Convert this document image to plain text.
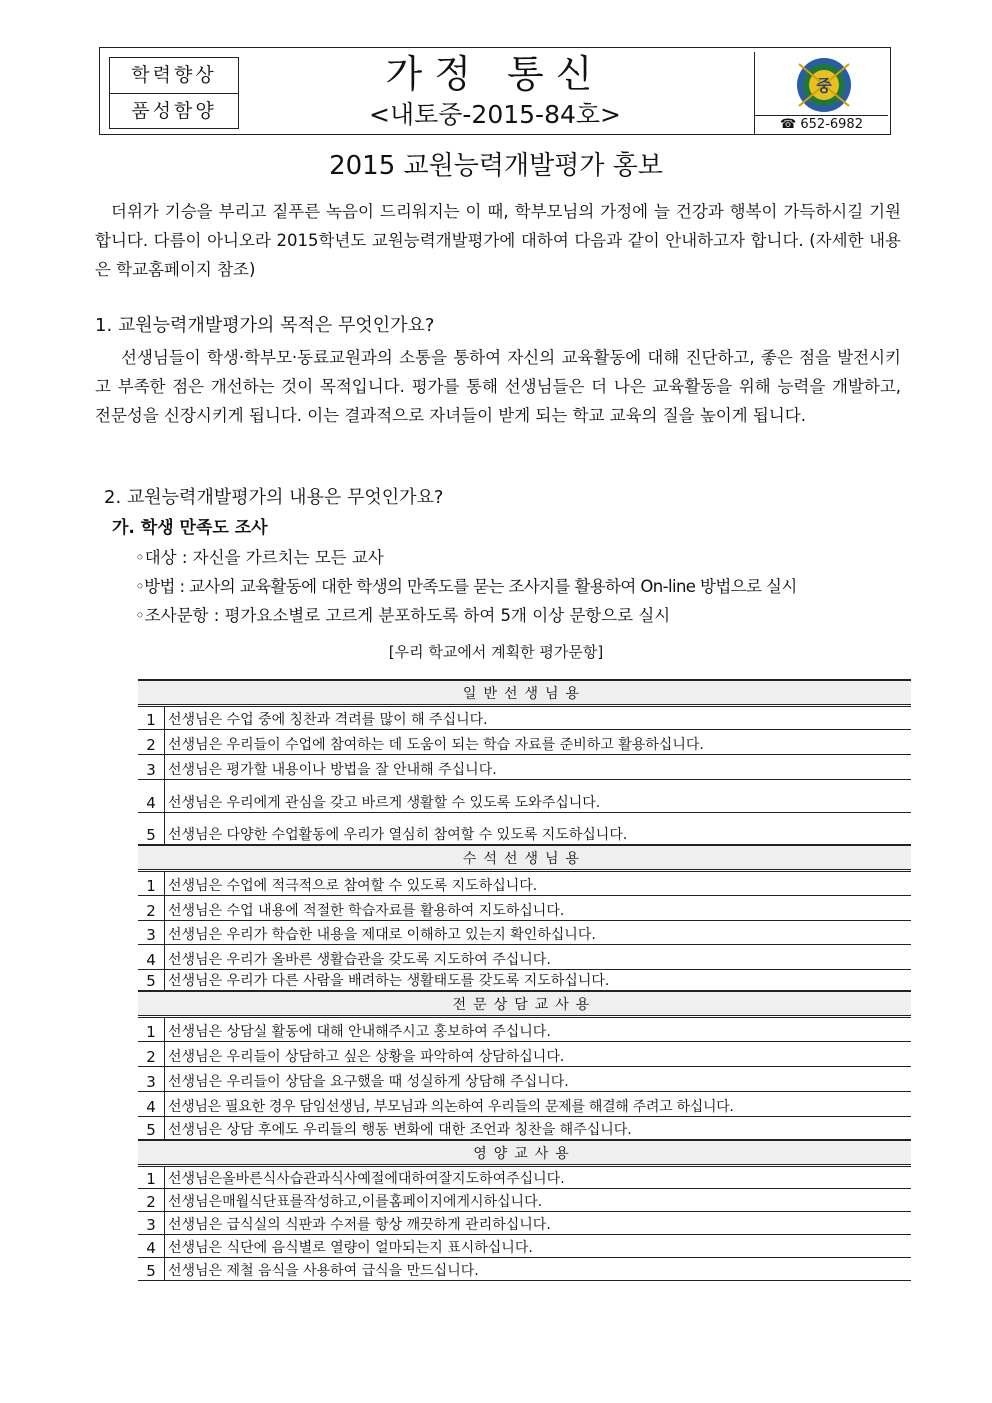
학력향상
품성함양
가정 통신
<내토중-2015-84호>
중
☎ 652-6982
2015 교원능력개발평가 홍보

더위가 기승을 부리고 짙푸른 녹음이 드리워지는 이 때, 학부모님의 가정에 늘 건강과 행복이 가득하시길 기원합니다. 다름이 아니오라 2015학년도 교원능력개발평가에 대하여 다음과 같이 안내하고자 합니다. (자세한 내용은 학교홈페이지 참조)

1. 교원능력개발평가의 목적은 무엇인가요?

선생님들이 학생·학부모·동료교원과의 소통을 통하여 자신의 교육활동에 대해 진단하고, 좋은 점을 발전시키고 부족한 점은 개선하는 것이 목적입니다. 평가를 통해 선생님들은 더 나은 교육활동을 위해 능력을 개발하고, 전문성을 신장시키게 됩니다. 이는 결과적으로 자녀들이 받게 되는 학교 교육의 질을 높이게 됩니다.

2. 교원능력개발평가의 내용은 무엇인가요?
가. 학생 만족도 조사
◦대상 : 자신을 가르치는 모든 교사
◦방법 : 교사의 교육활동에 대한 학생의 만족도를 묻는 조사지를 활용하여 On-line 방법으로 실시
◦조사문항 : 평가요소별로 고르게 분포하도록 하여 5개 이상 문항으로 실시
[우리 학교에서 계획한 평가문항]
일반선생님용	
1	선생님은 수업 중에 칭찬과 격려를 많이 해 주십니다.
2	선생님은 우리들이 수업에 참여하는 데 도움이 되는 학습 자료를 준비하고 활용하십니다.
3	선생님은 평가할 내용이나 방법을 잘 안내해 주십니다.
4	선생님은 우리에게 관심을 갖고 바르게 생활할 수 있도록 도와주십니다.
5	선생님은 다양한 수업활동에 우리가 열심히 참여할 수 있도록 지도하십니다.
수석선생님용	
1	선생님은 수업에 적극적으로 참여할 수 있도록 지도하십니다.
2	선생님은 수업 내용에 적절한 학습자료를 활용하여 지도하십니다.
3	선생님은 우리가 학습한 내용을 제대로 이해하고 있는지 확인하십니다.
4	선생님은 우리가 올바른 생활습관을 갖도록 지도하여 주십니다.
5	선생님은 우리가 다른 사람을 배려하는 생활태도를 갖도록 지도하십니다.
전문상담교사용	
1	선생님은 상담실 활동에 대해 안내해주시고 홍보하여 주십니다.
2	선생님은 우리들이 상담하고 싶은 상황을 파악하여 상담하십니다.
3	선생님은 우리들이 상담을 요구했을 때 성실하게 상담해 주십니다.
4	선생님은 필요한 경우 담임선생님, 부모님과 의논하여 우리들의 문제를 해결해 주려고 하십니다.
5	선생님은 상담 후에도 우리들의 행동 변화에 대한 조언과 칭찬을 해주십니다.
영양교사용	
1	선생님은올바른식사습관과식사예절에대하여잘지도하여주십니다.
2	선생님은매월식단표를작성하고,이를홈페이지에게시하십니다.
3	선생님은 급식실의 식판과 수저를 항상 깨끗하게 관리하십니다.
4	선생님은 식단에 음식별로 열량이 얼마되는지 표시하십니다.
5	선생님은 제철 음식을 사용하여 급식을 만드십니다.
